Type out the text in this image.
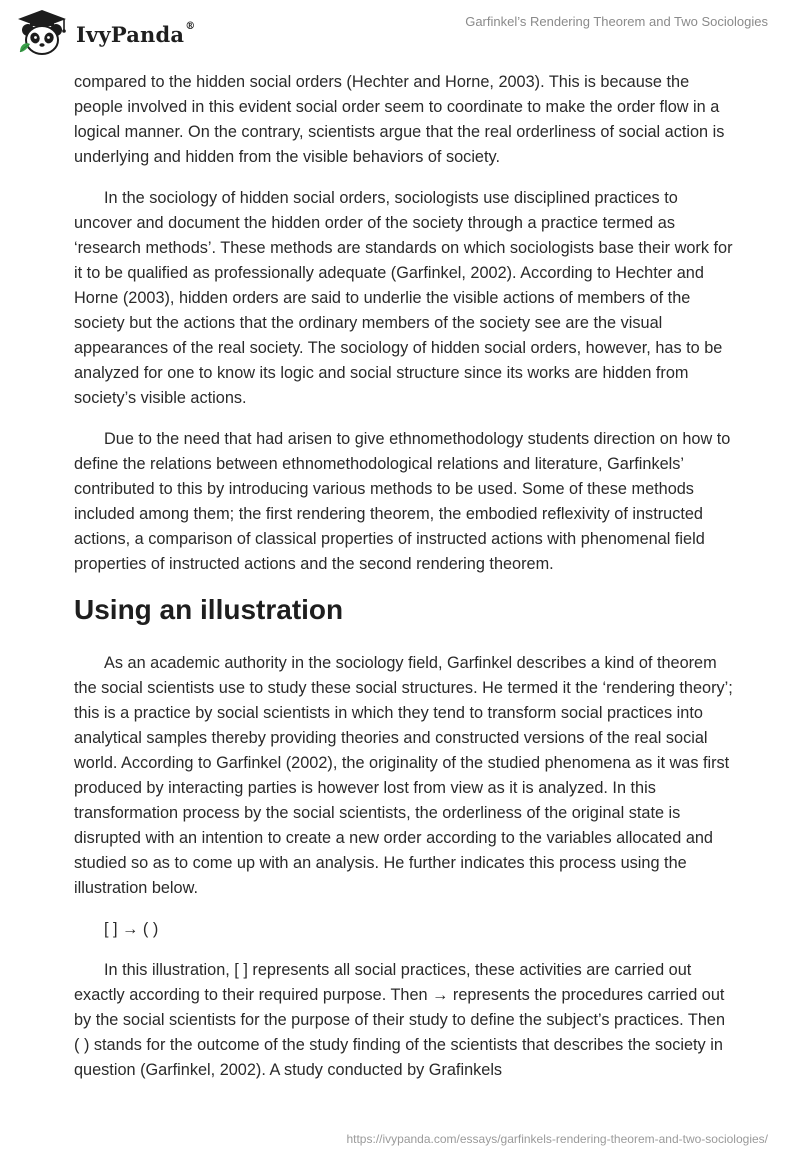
IvyPanda®	Garfinkel’s Rendering Theorem and Two Sociologies

compared to the hidden social orders (Hechter and Horne, 2003). This is because the people involved in this evident social order seem to coordinate to make the order flow in a logical manner. On the contrary, scientists argue that the real orderliness of social action is underlying and hidden from the visible behaviors of society.

In the sociology of hidden social orders, sociologists use disciplined practices to uncover and document the hidden order of the society through a practice termed as ‘research methods’. These methods are standards on which sociologists base their work for it to be qualified as professionally adequate (Garfinkel, 2002). According to Hechter and Horne (2003), hidden orders are said to underlie the visible actions of members of the society but the actions that the ordinary members of the society see are the visual appearances of the real society. The sociology of hidden social orders, however, has to be analyzed for one to know its logic and social structure since its works are hidden from society’s visible actions.

Due to the need that had arisen to give ethnomethodology students direction on how to define the relations between ethnomethodological relations and literature, Garfinkels’ contributed to this by introducing various methods to be used. Some of these methods included among them; the first rendering theorem, the embodied reflexivity of instructed actions, a comparison of classical properties of instructed actions with phenomenal field properties of instructed actions and the second rendering theorem.

Using an illustration

As an academic authority in the sociology field, Garfinkel describes a kind of theorem the social scientists use to study these social structures. He termed it the ‘rendering theory’; this is a practice by social scientists in which they tend to transform social practices into analytical samples thereby providing theories and constructed versions of the real social world. According to Garfinkel (2002), the originality of the studied phenomena as it was first produced by interacting parties is however lost from view as it is analyzed. In this transformation process by the social scientists, the orderliness of the original state is disrupted with an intention to create a new order according to the variables allocated and studied so as to come up with an analysis. He further indicates this process using the illustration below.

[ ] → ( )

In this illustration, [ ] represents all social practices, these activities are carried out exactly according to their required purpose. Then → represents the procedures carried out by the social scientists for the purpose of their study to define the subject’s practices. Then ( ) stands for the outcome of the study finding of the scientists that describes the society in question (Garfinkel, 2002). A study conducted by Grafinkels

https://ivypanda.com/essays/garfinkels-rendering-theorem-and-two-sociologies/
